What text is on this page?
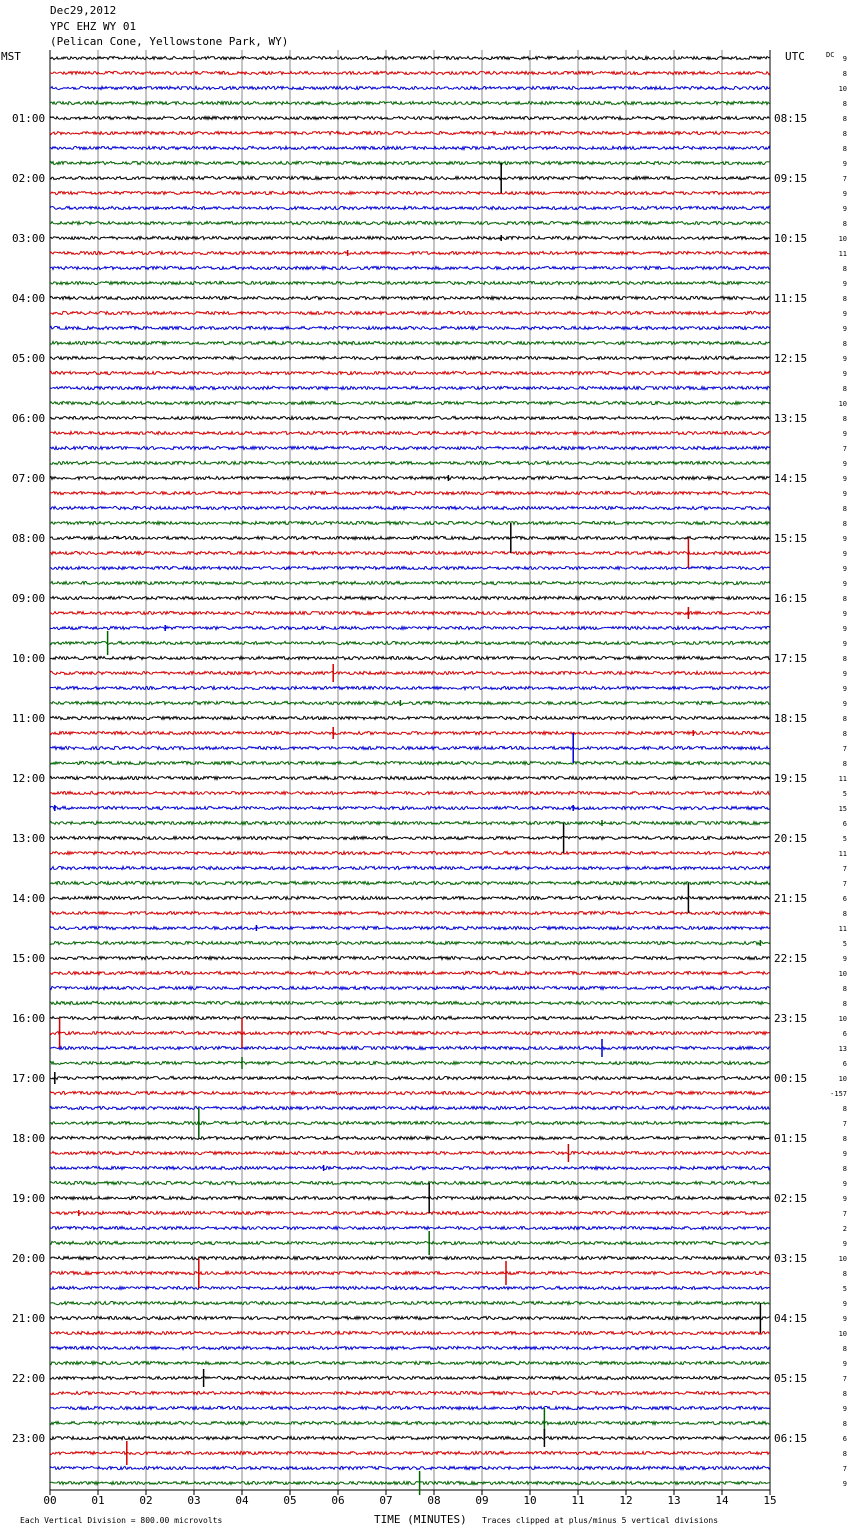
Dec29,2012
YPC EHZ WY 01
(Pelican Cone, Yellowstone Park, WY)
MST	UTC	DC
TIME (MINUTES)
Each Vertical Division = 800.00 microvolts	Traces clipped at plus/minus 5 vertical divisions
00	01	02	03	04	05	06	07	08	09	10	11	12	13	14	15
01:00
02:00
03:00
04:00
05:00
06:00
07:00
08:00
09:00
10:00
11:00
12:00
13:00
14:00
15:00
16:00
17:00
18:00
19:00
20:00
21:00
22:00
23:00
08:15
09:15
10:15
11:15
12:15
13:15
14:15
15:15
16:15
17:15
18:15
19:15
20:15
21:15
22:15
23:15
00:15
01:15
02:15
03:15
04:15
05:15
06:15
9
8
10
8
8
8
8
9
7
9
9
8
10
11
8
9
8
9
9
8
9
9
8
10
8
9
7
9
9
9
8
8
9
9
9
9
8
9
9
9
8
9
9
9
8
8
7
8
11
5
15
6
5
11
7
7
6
8
11
5
9
10
8
8
10
6
13
6
10
-157
8
7
8
9
8
9
9
7
2
9
10
8
5
9
9
10
8
9
7
8
9
8
6
8
7
9
